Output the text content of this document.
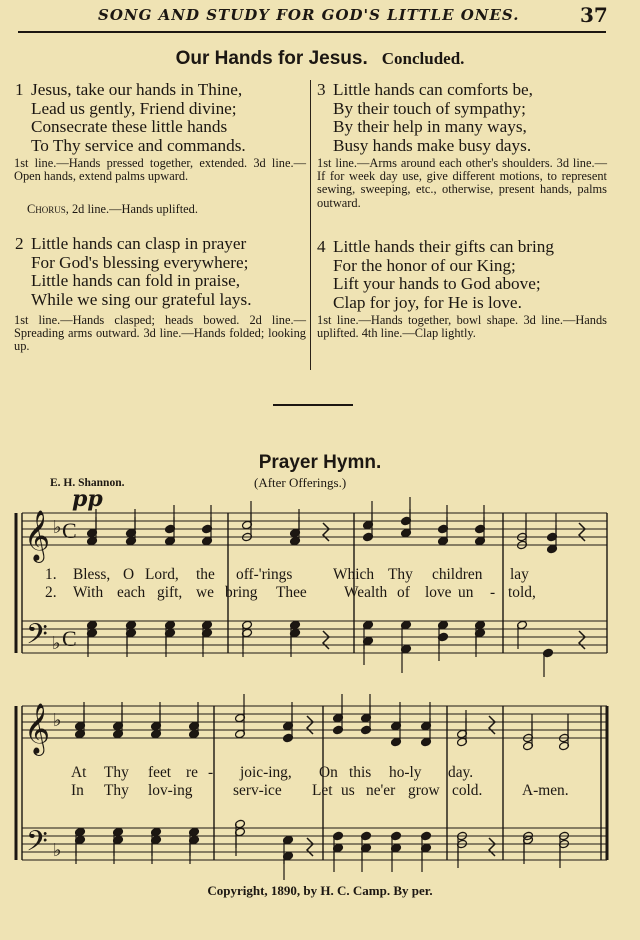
SONG AND STUDY FOR GOD'S LITTLE ONES.	37
Our Hands for Jesus. Concluded.
1 Jesus, take our hands in Thine,
Lead us gently, Friend divine;
Consecrate these little hands
To Thy service and commands.
1st line.—Hands pressed together, extended. 3d line.—Open hands, extend palms upward.
Chorus, 2d line.—Hands uplifted.
3 Little hands can comforts be,
By their touch of sympathy;
By their help in many ways,
Busy hands make busy days.
1st line.—Arms around each other's shoulders. 3d line.—If for week day use, give different motions, to represent sewing, sweeping, etc., otherwise, present hands, palms outward.
2 Little hands can clasp in prayer
For God's blessing everywhere;
Little hands can fold in praise,
While we sing our grateful lays.
1st line.—Hands clasped; heads bowed. 2d line.—Spreading arms outward. 3d line.—Hands folded; looking up.
4 Little hands their gifts can bring
For the honor of our King;
Lift your hands to God above;
Clap for joy, for He is love.
1st line.—Hands together, bowl shape. 3d line.—Hands uplifted. 4th line.—Clap lightly.
Prayer Hymn.
E. H. Shannon.	(After Offerings.)
pp
𝄞
𝄢
♭
♭
C
C
𝄞
𝄢
♭
♭
1. Bless, O Lord, the off-'rings	Which Thy children lay
2. With each gift, we bring Thee Wealth of love un - told,
At Thy feet re - joic-ing, On this ho-ly day.
In Thy lov-ing	serv-ice Let us ne'er grow cold.	A-men.
Copyright, 1890, by H. C. Camp. By per.
